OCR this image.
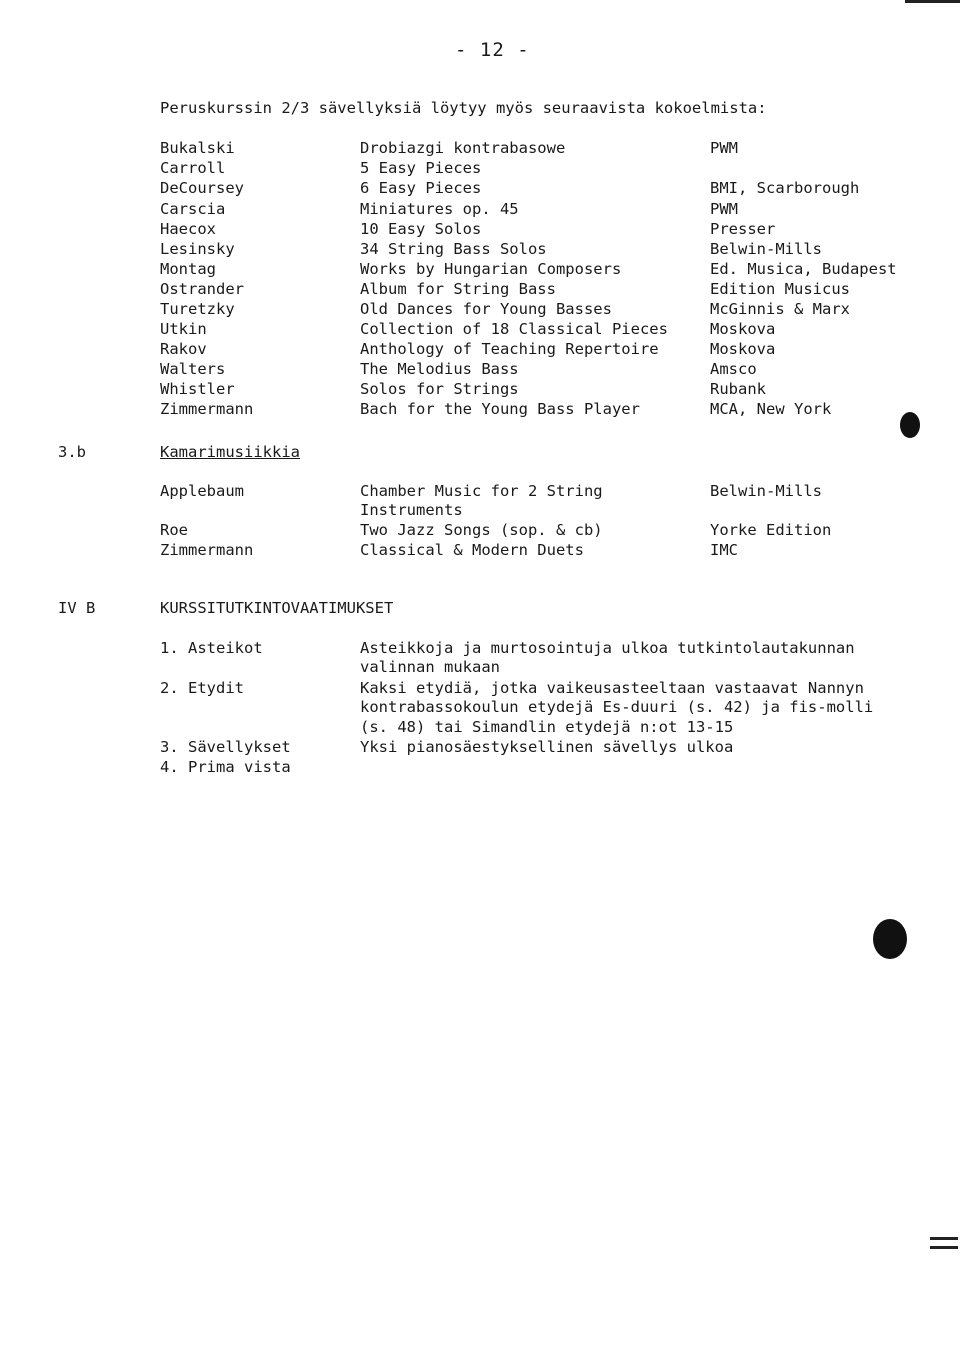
- 12 -
Peruskurssin 2/3 sävellyksiä löytyy myös seuraavista kokoelmista:
Bukalski	Drobiazgi kontrabasowe	PWM
Carroll	5 Easy Pieces
DeCoursey	6 Easy Pieces	BMI, Scarborough
Carscia	Miniatures op. 45	PWM
Haecox	10 Easy Solos	Presser
Lesinsky	34 String Bass Solos	Belwin-Mills
Montag	Works by Hungarian Composers	Ed. Musica, Budapest
Ostrander	Album for String Bass	Edition Musicus
Turetzky	Old Dances for Young Basses	McGinnis & Marx
Utkin	Collection of 18 Classical Pieces	Moskova
Rakov	Anthology of Teaching Repertoire	Moskova
Walters	The Melodius Bass	Amsco
Whistler	Solos for Strings	Rubank
Zimmermann	Bach for the Young Bass Player	MCA, New York
3.b	Kamarimusiikkia
Applebaum	Chamber Music for 2 String	Belwin-Mills
Instruments
Roe	Two Jazz Songs (sop. & cb)	Yorke Edition
Zimmermann	Classical & Modern Duets	IMC
IV B	KURSSITUTKINTOVAATIMUKSET
1. Asteikot	Asteikkoja ja murtosointuja ulkoa tutkintolautakunnan
valinnan mukaan
2. Etydit	Kaksi etydiä, jotka vaikeusasteeltaan vastaavat Nannyn
kontrabassokoulun etydejä Es-duuri (s. 42) ja fis-molli
(s. 48) tai Simandlin etydejä n:ot 13-15
3. Sävellykset	Yksi pianosäestyksellinen sävellys ulkoa
4. Prima vista
